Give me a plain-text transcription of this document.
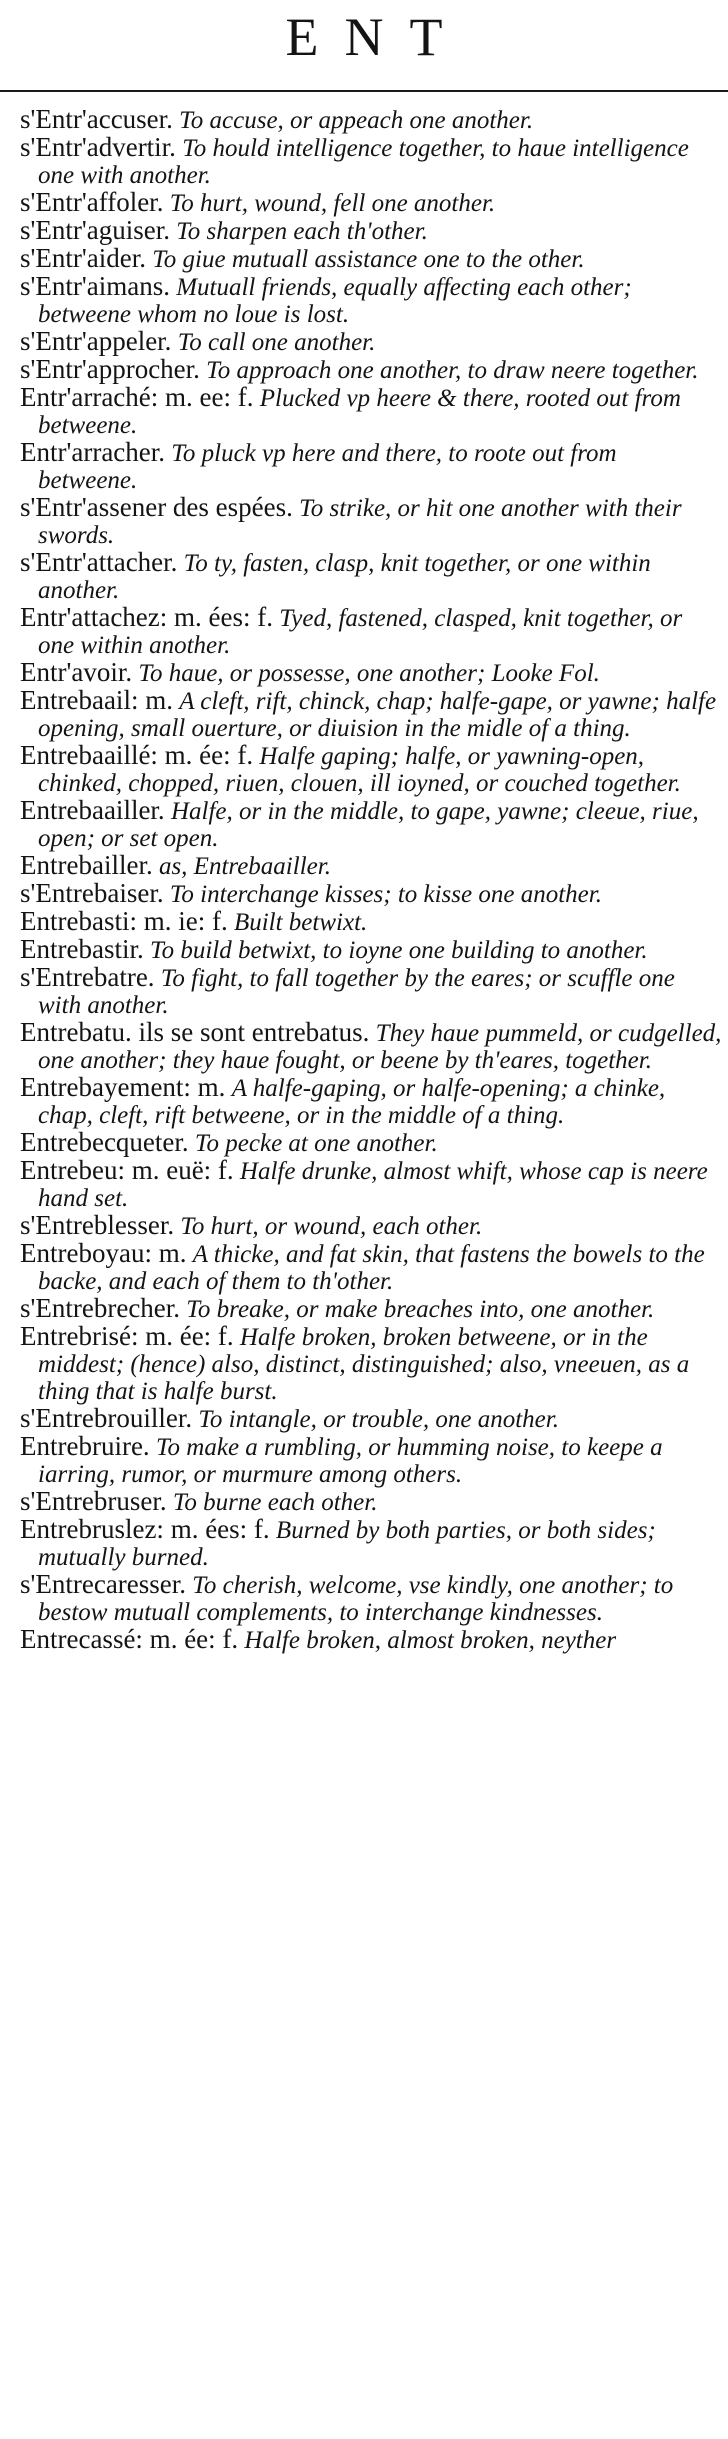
ENT
s'Entr'accuser. To accuse, or appeach one another.
s'Entr'advertir. To hould intelligence together, to haue intelligence one with another.
s'Entr'affoler. To hurt, wound, fell one another.
s'Entr'aguiser. To sharpen each th'other.
s'Entr'aider. To giue mutuall assistance one to the other.
s'Entr'aimans. Mutuall friends, equally affecting each other; betweene whom no loue is lost.
s'Entr'appeler. To call one another.
s'Entr'approcher. To approach one another, to draw neere together.
Entr'arraché: m. ee: f. Plucked vp heere & there, rooted out from betweene.
Entr'arracher. To pluck vp here and there, to roote out from betweene.
s'Entr'assener des espées. To strike, or hit one another with their swords.
s'Entr'attacher. To ty, fasten, clasp, knit together, or one within another.
Entr'attachez: m. ées: f. Tyed, fastened, clasped, knit together, or one within another.
Entr'avoir. To haue, or possesse, one another; Looke Fol.
Entrebaail: m. A cleft, rift, chinck, chap; halfe-gape, or yawne; halfe opening, small ouerture, or diuision in the midle of a thing.
Entrebaaillé: m. ée: f. Halfe gaping; halfe, or yawning-open, chinked, chopped, riuen, clouen, ill ioyned, or couched together.
Entrebaailler. Halfe, or in the middle, to gape, yawne; cleeue, riue, open; or set open.
Entrebailler. as, Entrebaailler.
s'Entrebaiser. To interchange kisses; to kisse one another.
Entrebasti: m. ie: f. Built betwixt.
Entrebastir. To build betwixt, to ioyne one building to another.
s'Entrebatre. To fight, to fall together by the eares; or scuffle one with another.
Entrebatu. ils se sont entrebatus. They haue pummeld, or cudgelled, one another; they haue fought, or beene by th'eares, together.
Entrebayement: m. A halfe-gaping, or halfe-opening; a chinke, chap, cleft, rift betweene, or in the middle of a thing.
Entrebecqueter. To pecke at one another.
Entrebeu: m. euë: f. Halfe drunke, almost whift, whose cap is neere hand set.
s'Entreblesser. To hurt, or wound, each other.
Entreboyau: m. A thicke, and fat skin, that fastens the bowels to the backe, and each of them to th'other.
s'Entrebrecher. To breake, or make breaches into, one another.
Entrebrisé: m. ée: f. Halfe broken, broken betweene, or in the middest; (hence) also, distinct, distinguished; also, vneeuen, as a thing that is halfe burst.
s'Entrebrouiller. To intangle, or trouble, one another.
Entrebruire. To make a rumbling, or humming noise, to keepe a iarring, rumor, or murmure among others.
s'Entrebruser. To burne each other.
Entrebruslez: m. ées: f. Burned by both parties, or both sides; mutually burned.
s'Entrecaresser. To cherish, welcome, vse kindly, one another; to bestow mutuall complements, to interchange kindnesses.
Entrecassé: m. ée: f. Halfe broken, almost broken, neyther
